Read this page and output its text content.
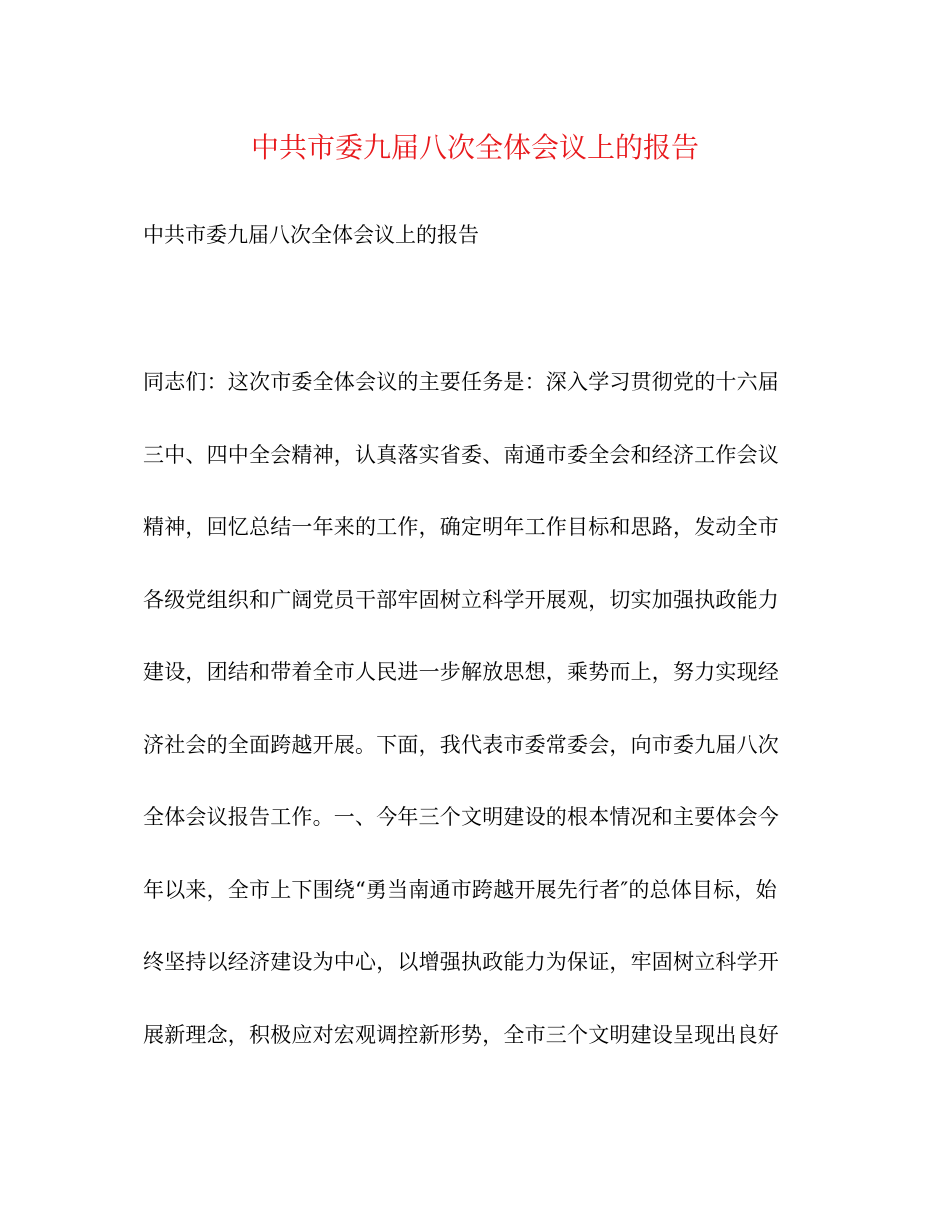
中共市委九届八次全体会议上的报告
中共市委九届八次全体会议上的报告
同志们：这次市委全体会议的主要任务是：深入学习贯彻党的十六届
三中、四中全会精神，认真落实省委、南通市委全会和经济工作会议
精神，回忆总结一年来的工作，确定明年工作目标和思路，发动全市
各级党组织和广阔党员干部牢固树立科学开展观，切实加强执政能力
建设，团结和带着全市人民进一步解放思想，乘势而上，努力实现经
济社会的全面跨越开展。下面，我代表市委常委会，向市委九届八次
全体会议报告工作。一、今年三个文明建设的根本情况和主要体会今
年以来，全市上下围绕“勇当南通市跨越开展先行者″的总体目标，始
终坚持以经济建设为中心，以增强执政能力为保证，牢固树立科学开
展新理念，积极应对宏观调控新形势，全市三个文明建设呈现出良好
